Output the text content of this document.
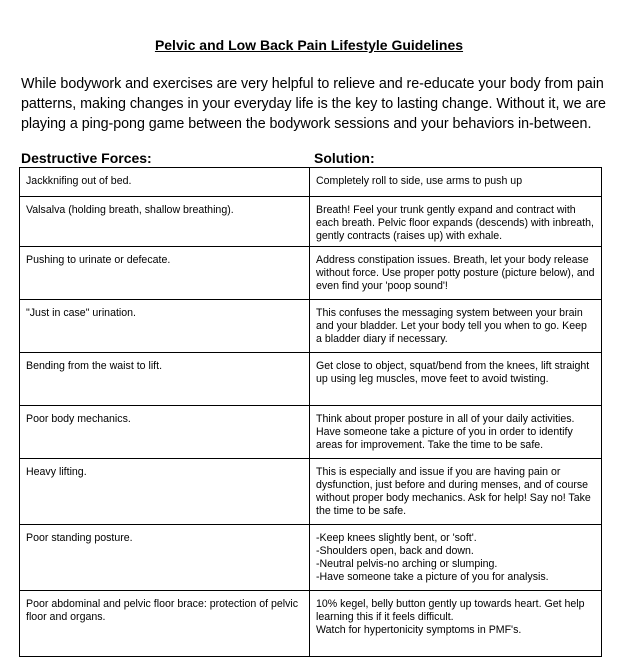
Pelvic and Low Back Pain Lifestyle Guidelines

While bodywork and exercises are very helpful to relieve and re-educate your body from pain patterns, making changes in your everyday life is the key to lasting change. Without it, we are playing a ping-pong game between the bodywork sessions and your behaviors in-between.

Destructive Forces:	Solution:
Jackknifing out of bed.	Completely roll to side, use arms to push up
Valsalva (holding breath, shallow breathing).	Breath! Feel your trunk gently expand and contract with each breath. Pelvic floor expands (descends) with inbreath, gently contracts (raises up) with exhale.
Pushing to urinate or defecate.	Address constipation issues. Breath, let your body release without force. Use proper potty posture (picture below), and even find your 'poop sound'!
"Just in case" urination.	This confuses the messaging system between your brain and your bladder. Let your body tell you when to go. Keep a bladder diary if necessary.
Bending from the waist to lift.	Get close to object, squat/bend from the knees, lift straight up using leg muscles, move feet to avoid twisting.
Poor body mechanics.	Think about proper posture in all of your daily activities. Have someone take a picture of you in order to identify areas for improvement. Take the time to be safe.
Heavy lifting.	This is especially and issue if you are having pain or dysfunction, just before and during menses, and of course without proper body mechanics. Ask for help! Say no! Take the time to be safe.
Poor standing posture.	-Keep knees slightly bent, or 'soft'.
-Shoulders open, back and down.
-Neutral pelvis-no arching or slumping.
-Have someone take a picture of you for analysis.
Poor abdominal and pelvic floor brace: protection of pelvic floor and organs.	10% kegel, belly button gently up towards heart. Get help learning this if it feels difficult.
Watch for hypertonicity symptoms in PMF's.
